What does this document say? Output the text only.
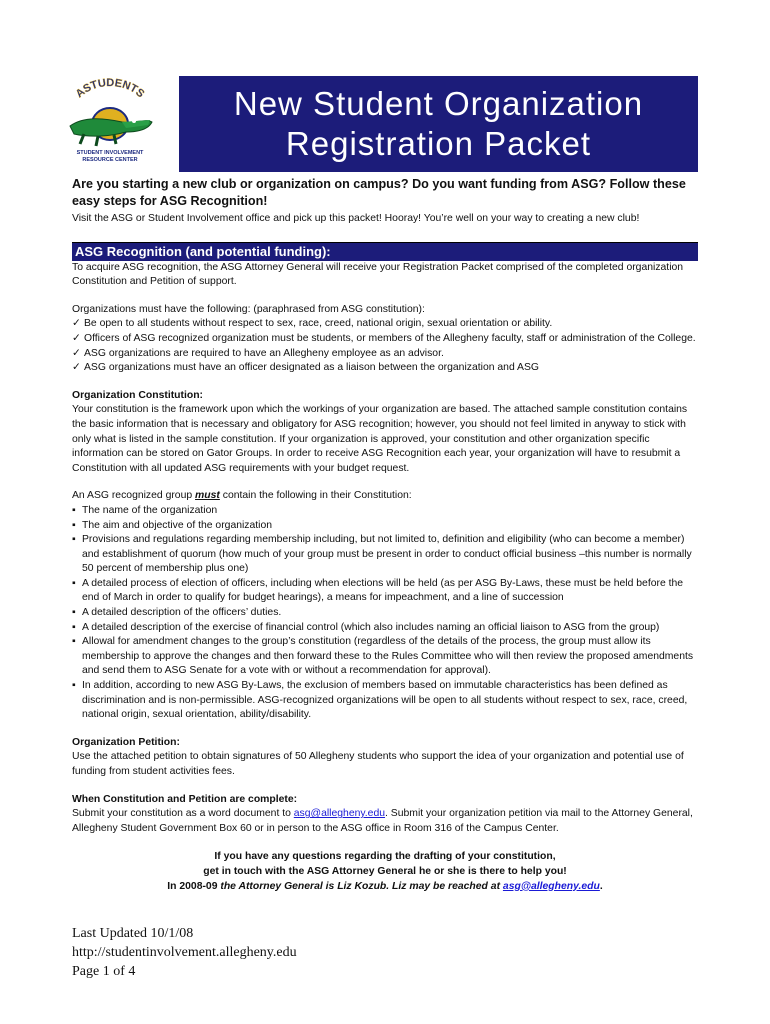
ASTUDENTS
STUDENT INVOLVEMENT
RESOURCE CENTER
New Student Organization
Registration Packet

Are you starting a new club or organization on campus? Do you want funding from ASG? Follow these easy steps for ASG Recognition!

Visit the ASG or Student Involvement office and pick up this packet! Hooray! You’re well on your way to creating a new club!

ASG Recognition (and potential funding):

To acquire ASG recognition, the ASG Attorney General will receive your Registration Packet comprised of the completed organization Constitution and Petition of support.

Organizations must have the following: (paraphrased from ASG constitution):

✓ Be open to all students without respect to sex, race, creed, national origin, sexual orientation or ability.
✓ Officers of ASG recognized organization must be students, or members of the Allegheny faculty, staff or administration of the College.
✓ ASG organizations are required to have an Allegheny employee as an advisor.
✓ ASG organizations must have an officer designated as a liaison between the organization and ASG

Organization Constitution:

Your constitution is the framework upon which the workings of your organization are based. The attached sample constitution contains the basic information that is necessary and obligatory for ASG recognition; however, you should not feel limited in anyway to stick with only what is listed in the sample constitution. If your organization is approved, your constitution and other organization specific information can be stored on Gator Groups. In order to receive ASG Recognition each year, your organization will have to resubmit a Constitution with all updated ASG requirements with your budget request.

An ASG recognized group must contain the following in their Constitution:

▪ The name of the organization
▪ The aim and objective of the organization
▪ Provisions and regulations regarding membership including, but not limited to, definition and eligibility (who can become a member) and establishment of quorum (how much of your group must be present in order to conduct official business –this number is normally 50 percent of membership plus one)
▪ A detailed process of election of officers, including when elections will be held (as per ASG By-Laws, these must be held before the end of March in order to qualify for budget hearings), a means for impeachment, and a line of succession
▪ A detailed description of the officers’ duties.
▪ A detailed description of the exercise of financial control (which also includes naming an official liaison to ASG from the group)
▪ Allowal for amendment changes to the group’s constitution (regardless of the details of the process, the group must allow its membership to approve the changes and then forward these to the Rules Committee who will then review the proposed amendments and send them to ASG Senate for a vote with or without a recommendation for approval).
▪ In addition, according to new ASG By-Laws, the exclusion of members based on immutable characteristics has been defined as discrimination and is non-permissible. ASG-recognized organizations will be open to all students without respect to sex, race, creed, national origin, sexual orientation, ability/disability.

Organization Petition:

Use the attached petition to obtain signatures of 50 Allegheny students who support the idea of your organization and potential use of funding from student activities fees.

When Constitution and Petition are complete:

Submit your constitution as a word document to asg@allegheny.edu. Submit your organization petition via mail to the Attorney General, Allegheny Student Government Box 60 or in person to the ASG office in Room 316 of the Campus Center.

If you have any questions regarding the drafting of your constitution,

get in touch with the ASG Attorney General he or she is there to help you!

In 2008-09 the Attorney General is Liz Kozub. Liz may be reached at asg@allegheny.edu.

Last Updated 10/1/08
http://studentinvolvement.allegheny.edu
Page 1 of 4
